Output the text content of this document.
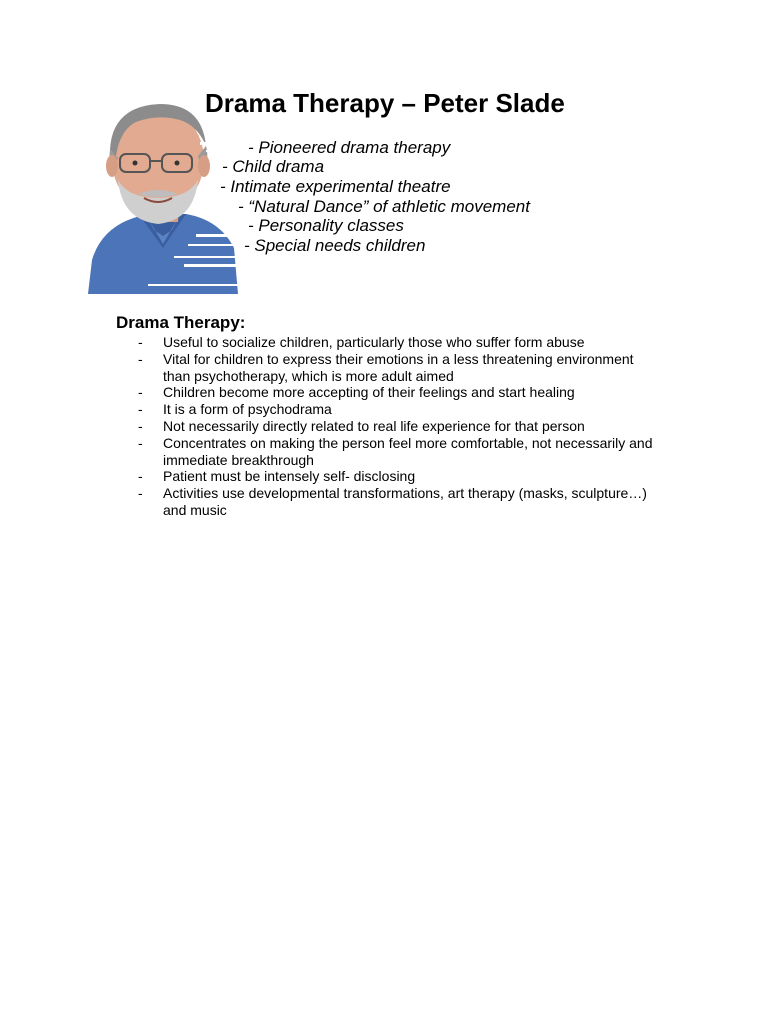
Drama Therapy – Peter Slade
- Pioneered drama therapy
- Child drama
- Intimate experimental theatre
- “Natural Dance” of athletic movement
- Personality classes
- Special needs children
Drama Therapy:
- Useful to socialize children, particularly those who suffer form abuse
- Vital for children to express their emotions in a less threatening environment than psychotherapy, which is more adult aimed
- Children become more accepting of their feelings and start healing
- It is a form of psychodrama
- Not necessarily directly related to real life experience for that person
- Concentrates on making the person feel more comfortable, not necessarily and immediate breakthrough
- Patient must be intensely self- disclosing
- Activities use developmental transformations, art therapy (masks, sculpture…) and music
